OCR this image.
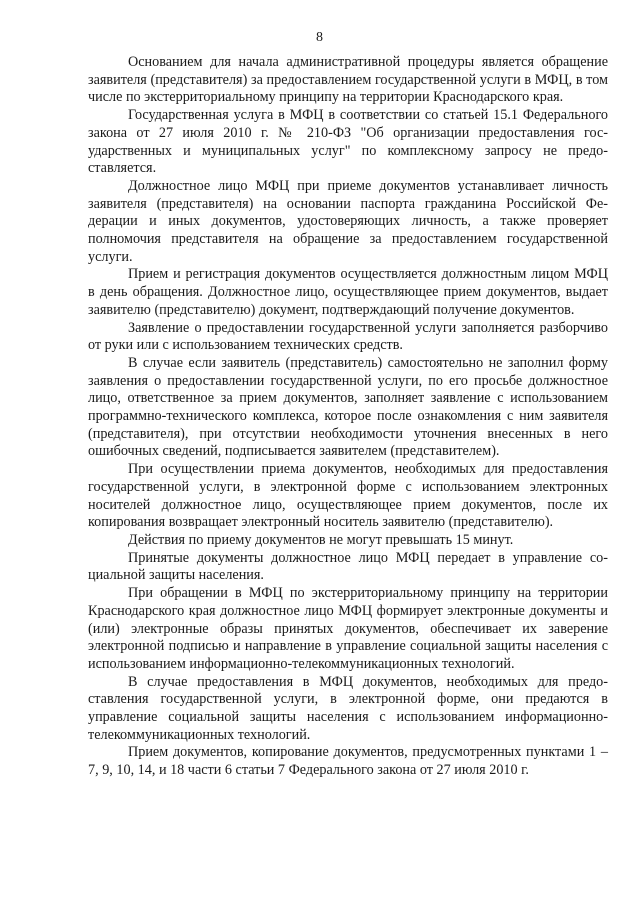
8

Основанием для начала административной процедуры является обращение заявителя (представителя) за предоставлением государственной услуги в МФЦ, в том числе по экстерриториальному принципу на территории Краснодарского края.

Государственная услуга в МФЦ в соответствии со статьей 15.1 Федерального закона от 27 июля 2010 г. № 210-ФЗ "Об организации предоставления государственных и муниципальных услуг" по комплексному запросу не предоставляется.

Должностное лицо МФЦ при приеме документов устанавливает личность заявителя (представителя) на основании паспорта гражданина Российской Федерации и иных документов, удостоверяющих личность, а также проверяет полномочия представителя на обращение за предоставлением государственной услуги.

Прием и регистрация документов осуществляется должностным лицом МФЦ в день обращения. Должностное лицо, осуществляющее прием документов, выдает заявителю (представителю) документ, подтверждающий получение документов.

Заявление о предоставлении государственной услуги заполняется разборчиво от руки или с использованием технических средств.

В случае если заявитель (представитель) самостоятельно не заполнил форму заявления о предоставлении государственной услуги, по его просьбе должностное лицо, ответственное за прием документов, заполняет заявление с использованием программно-технического комплекса, которое после ознакомления с ним заявителя (представителя), при отсутствии необходимости уточнения внесенных в него ошибочных сведений, подписывается заявителем (представителем).

При осуществлении приема документов, необходимых для предоставления государственной услуги, в электронной форме с использованием электронных носителей должностное лицо, осуществляющее прием документов, после их копирования возвращает электронный носитель заявителю (представителю).

Действия по приему документов не могут превышать 15 минут.

Принятые документы должностное лицо МФЦ передает в управление социальной защиты населения.

При обращении в МФЦ по экстерриториальному принципу на территории Краснодарского края должностное лицо МФЦ формирует электронные документы и (или) электронные образы принятых документов, обеспечивает их заверение электронной подписью и направление в управление социальной защиты населения с использованием информационно-телекоммуникационных технологий.

В случае предоставления в МФЦ документов, необходимых для предоставления государственной услуги, в электронной форме, они предаются в управление социальной защиты населения с использованием информационно-телекоммуникационных технологий.

Прием документов, копирование документов, предусмотренных пунктами 1 – 7, 9, 10, 14, и 18 части 6 статьи 7 Федерального закона от 27 июля 2010 г.
